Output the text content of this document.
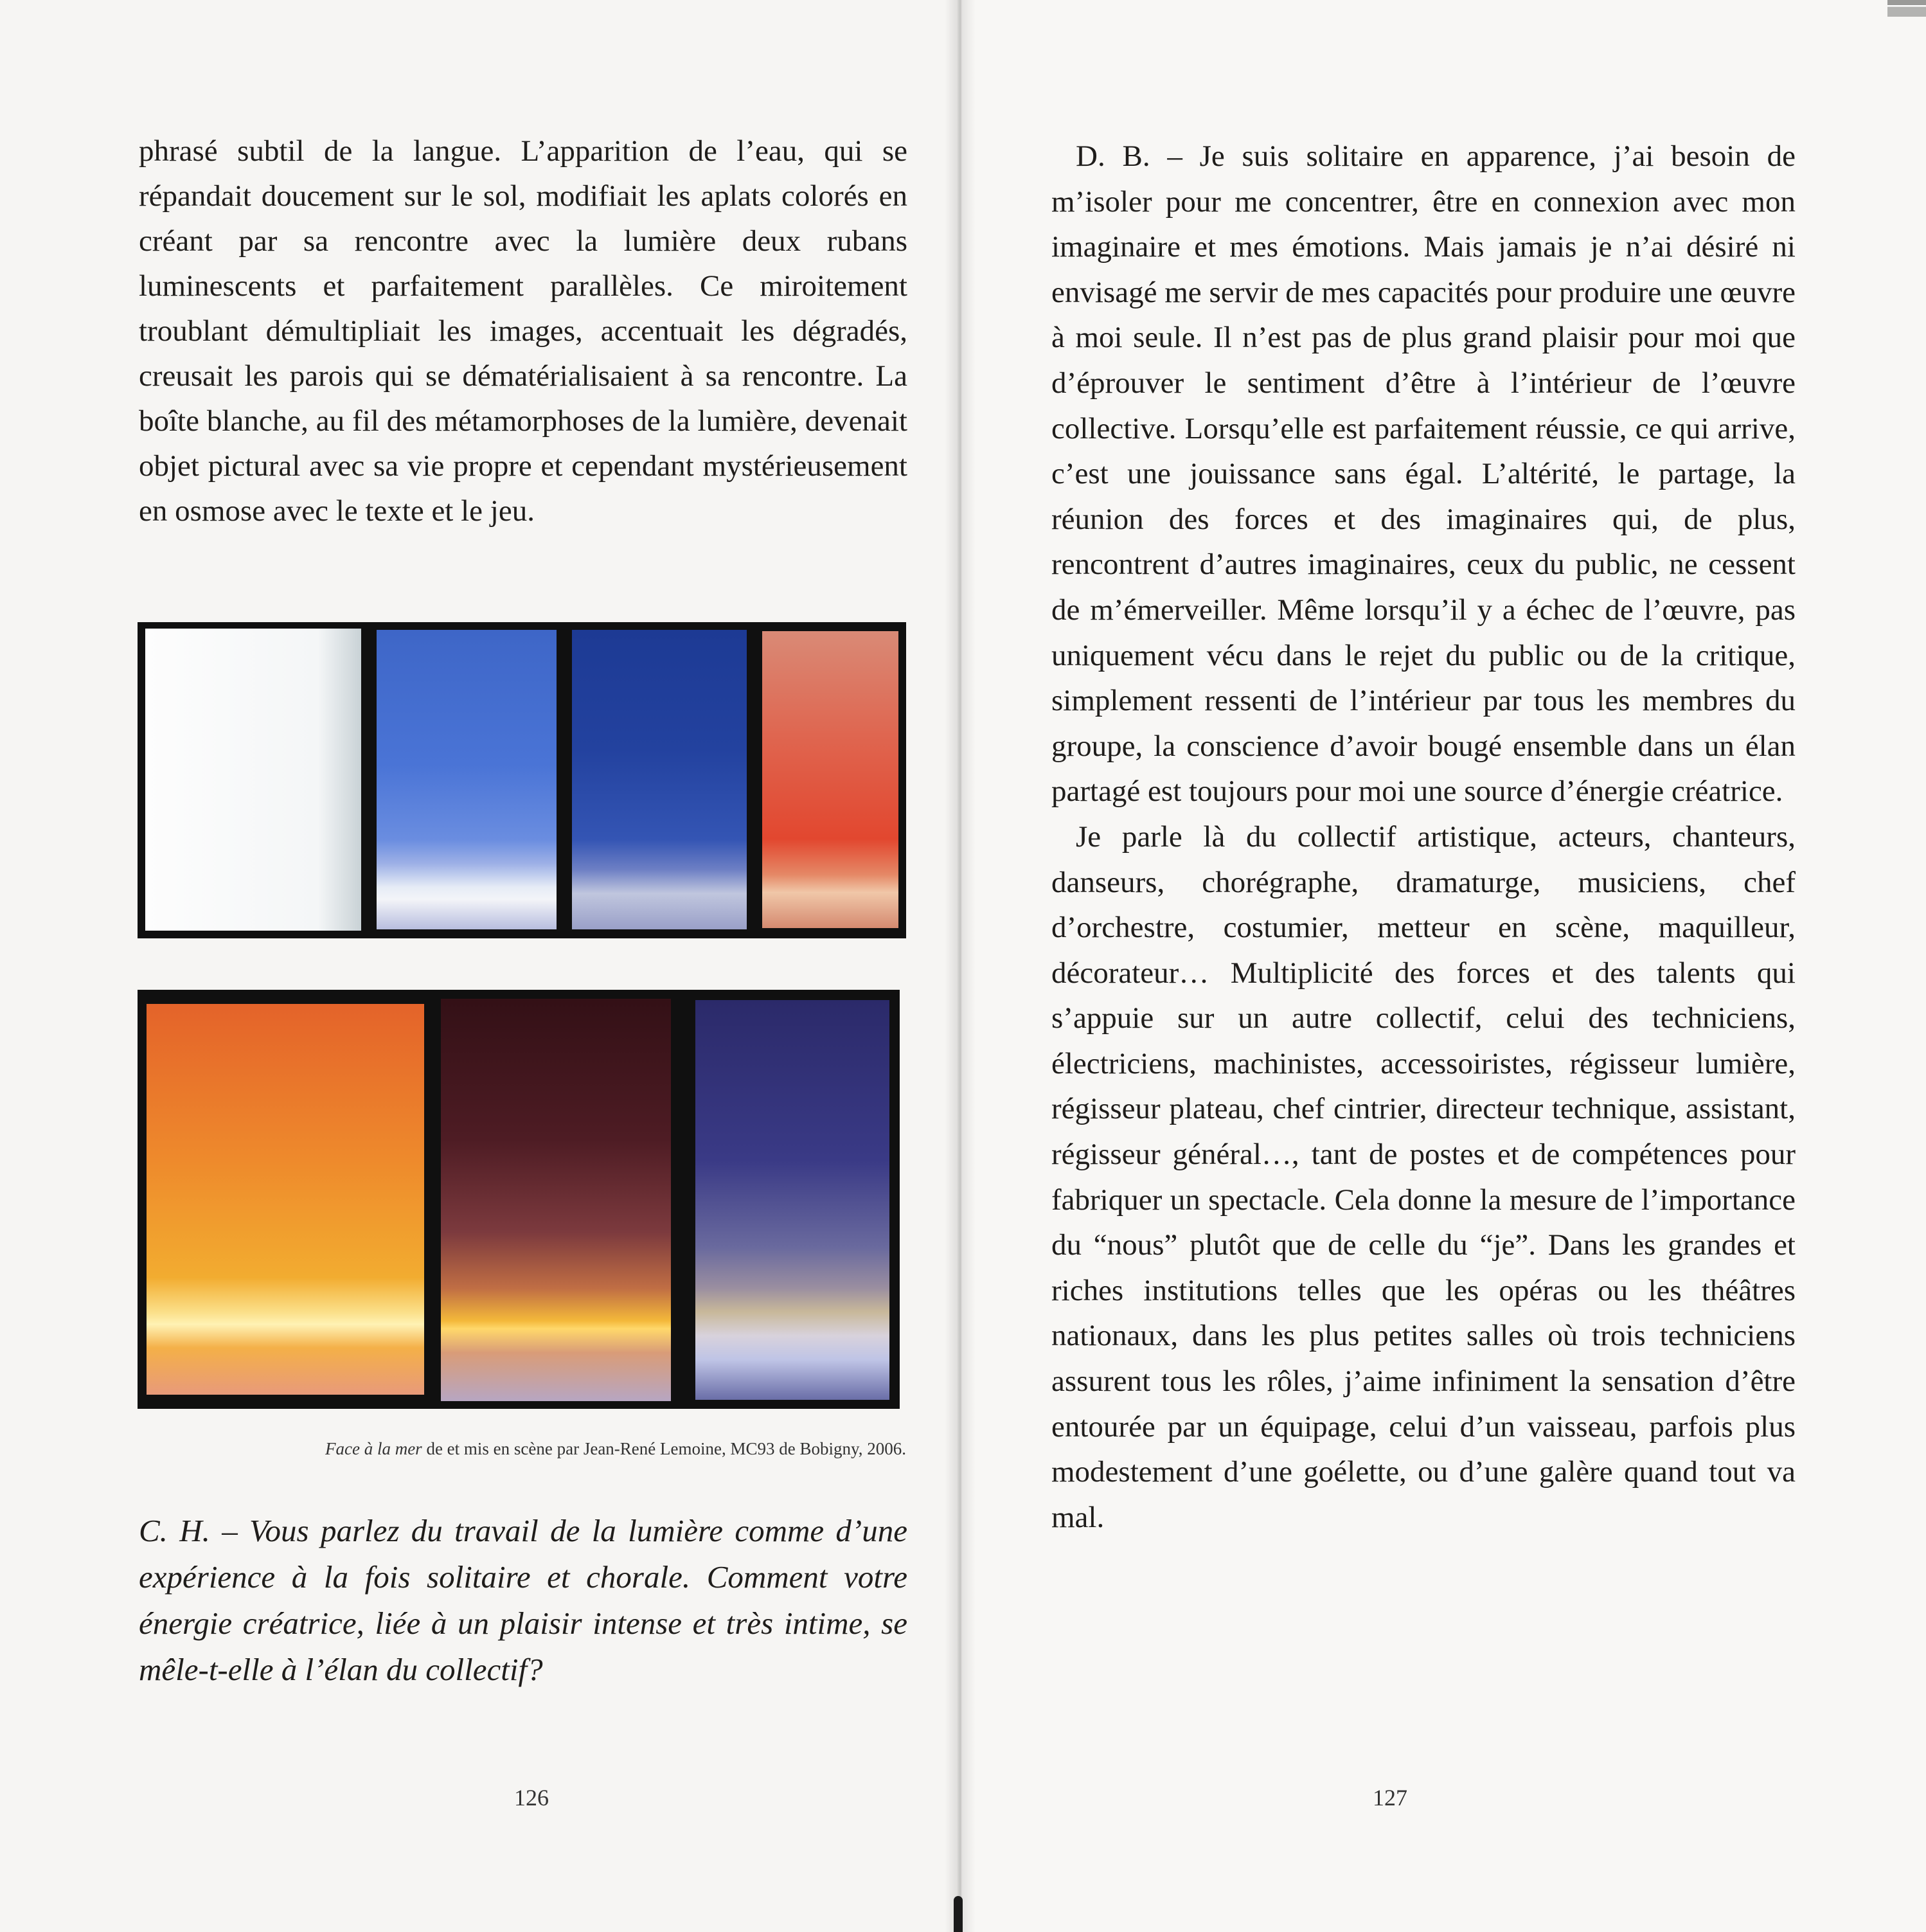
phrasé subtil de la langue. L’apparition de l’eau, qui se répandait doucement sur le sol, modifiait les aplats colorés en créant par sa rencontre avec la lumière deux rubans luminescents et parfaitement parallèles. Ce miroitement troublant démultipliait les images, accentuait les dégradés, creusait les parois qui se dématérialisaient à sa rencontre. La boîte blanche, au fil des métamorphoses de la lumière, devenait objet pictural avec sa vie propre et cependant mystérieusement en osmose avec le texte et le jeu.

Face à la mer de et mis en scène par Jean-René Lemoine, MC93 de Bobigny, 2006.
C. H. – Vous parlez du travail de la lumière comme d’une expérience à la fois solitaire et chorale. Comment votre énergie créatrice, liée à un plaisir intense et très intime, se mêle-t-elle à l’élan du collectif?
126

D. B. – Je suis solitaire en apparence, j’ai besoin de m’isoler pour me concentrer, être en connexion avec mon imaginaire et mes émotions. Mais jamais je n’ai désiré ni envisagé me servir de mes capacités pour produire une œuvre à moi seule. Il n’est pas de plus grand plaisir pour moi que d’éprouver le sentiment d’être à l’intérieur de l’œuvre collective. Lorsqu’elle est parfaitement réussie, ce qui arrive, c’est une jouissance sans égal. L’altérité, le partage, la réunion des forces et des imaginaires qui, de plus, rencontrent d’autres imaginaires, ceux du public, ne cessent de m’émerveiller. Même lorsqu’il y a échec de l’œuvre, pas uniquement vécu dans le rejet du public ou de la critique, simplement ressenti de l’intérieur par tous les membres du groupe, la conscience d’avoir bougé ensemble dans un élan partagé est toujours pour moi une source d’énergie créatrice.

Je parle là du collectif artistique, acteurs, chanteurs, danseurs, chorégraphe, dramaturge, musiciens, chef d’orchestre, costumier, metteur en scène, maquilleur, décorateur… Multiplicité des forces et des talents qui s’appuie sur un autre collectif, celui des techniciens, électriciens, machinistes, accessoiristes, régisseur lumière, régisseur plateau, chef cintrier, directeur technique, assistant, régisseur général…, tant de postes et de compétences pour fabriquer un spectacle. Cela donne la mesure de l’importance du “nous” plutôt que de celle du “je”. Dans les grandes et riches institutions telles que les opéras ou les théâtres nationaux, dans les plus petites salles où trois techniciens assurent tous les rôles, j’aime infiniment la sensation d’être entourée par un équipage, celui d’un vaisseau, parfois plus modestement d’une goélette, ou d’une galère quand tout va mal.

127
